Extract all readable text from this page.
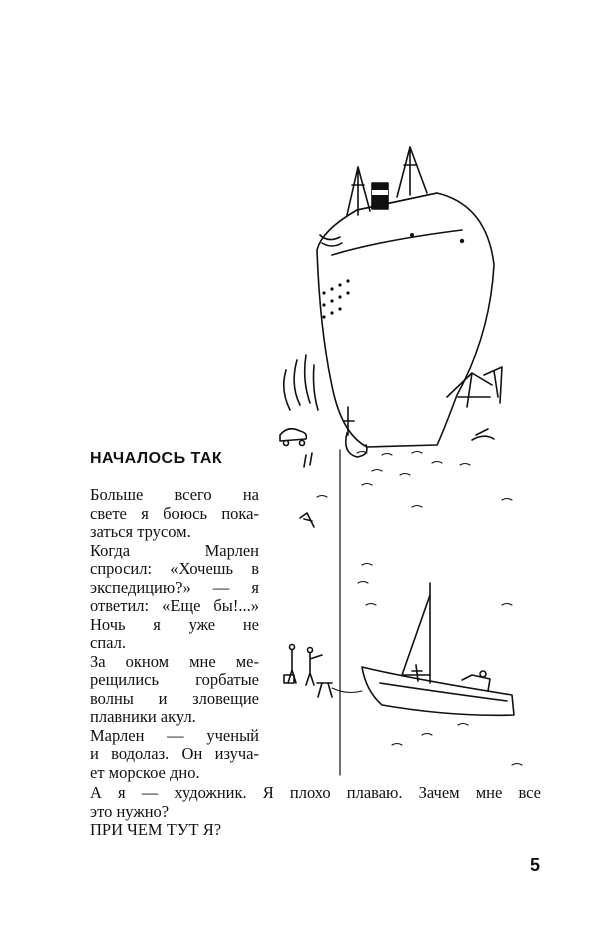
НАЧАЛОСЬ ТАК

Больше всего на

свете я боюсь пока-

заться трусом.

Когда Марлен

спросил: «Хочешь в

экспедицию?» — я

ответил: «Еще бы!...»

Ночь я уже не

спал.

За окном мне ме-

рещились горбатые

волны и зловещие

плавники акул.

Марлен — ученый

и водолаз. Он изуча-

ет морское дно.

А я — художник. Я плохо плаваю. Зачем мне все

это нужно?

ПРИ ЧЕМ ТУТ Я?

5
